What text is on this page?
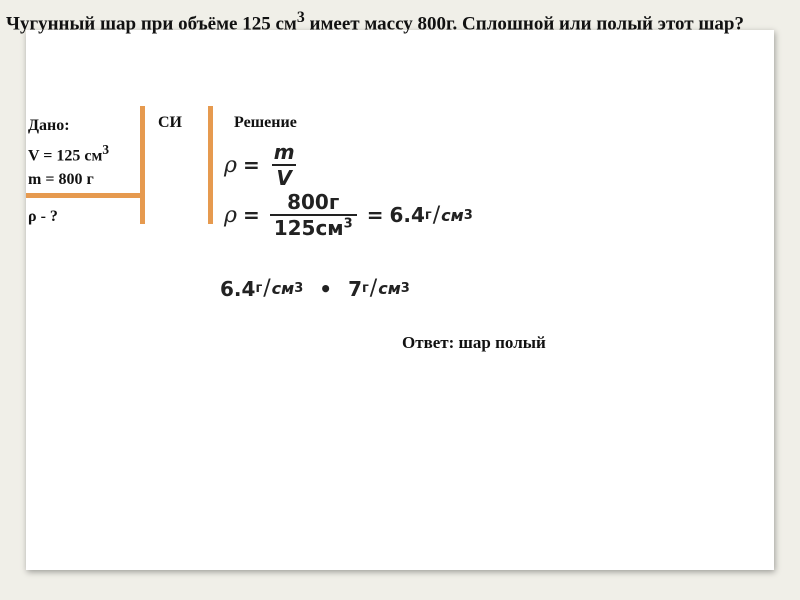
Чугунный шар при объёме 125 $см^3$ имеет массу 800г. Сплошной или полый этот шар?
Дано:
V = 125 $см^3$
m = 800 г
ρ - ?
СИ	Решение
$\rho = \frac{m}{V}$
$\rho = \frac{800г}{125см^3} = 6.4$ г / см 3
6.4 г / см 3 • 7 г / см 3
Ответ: шар полый
